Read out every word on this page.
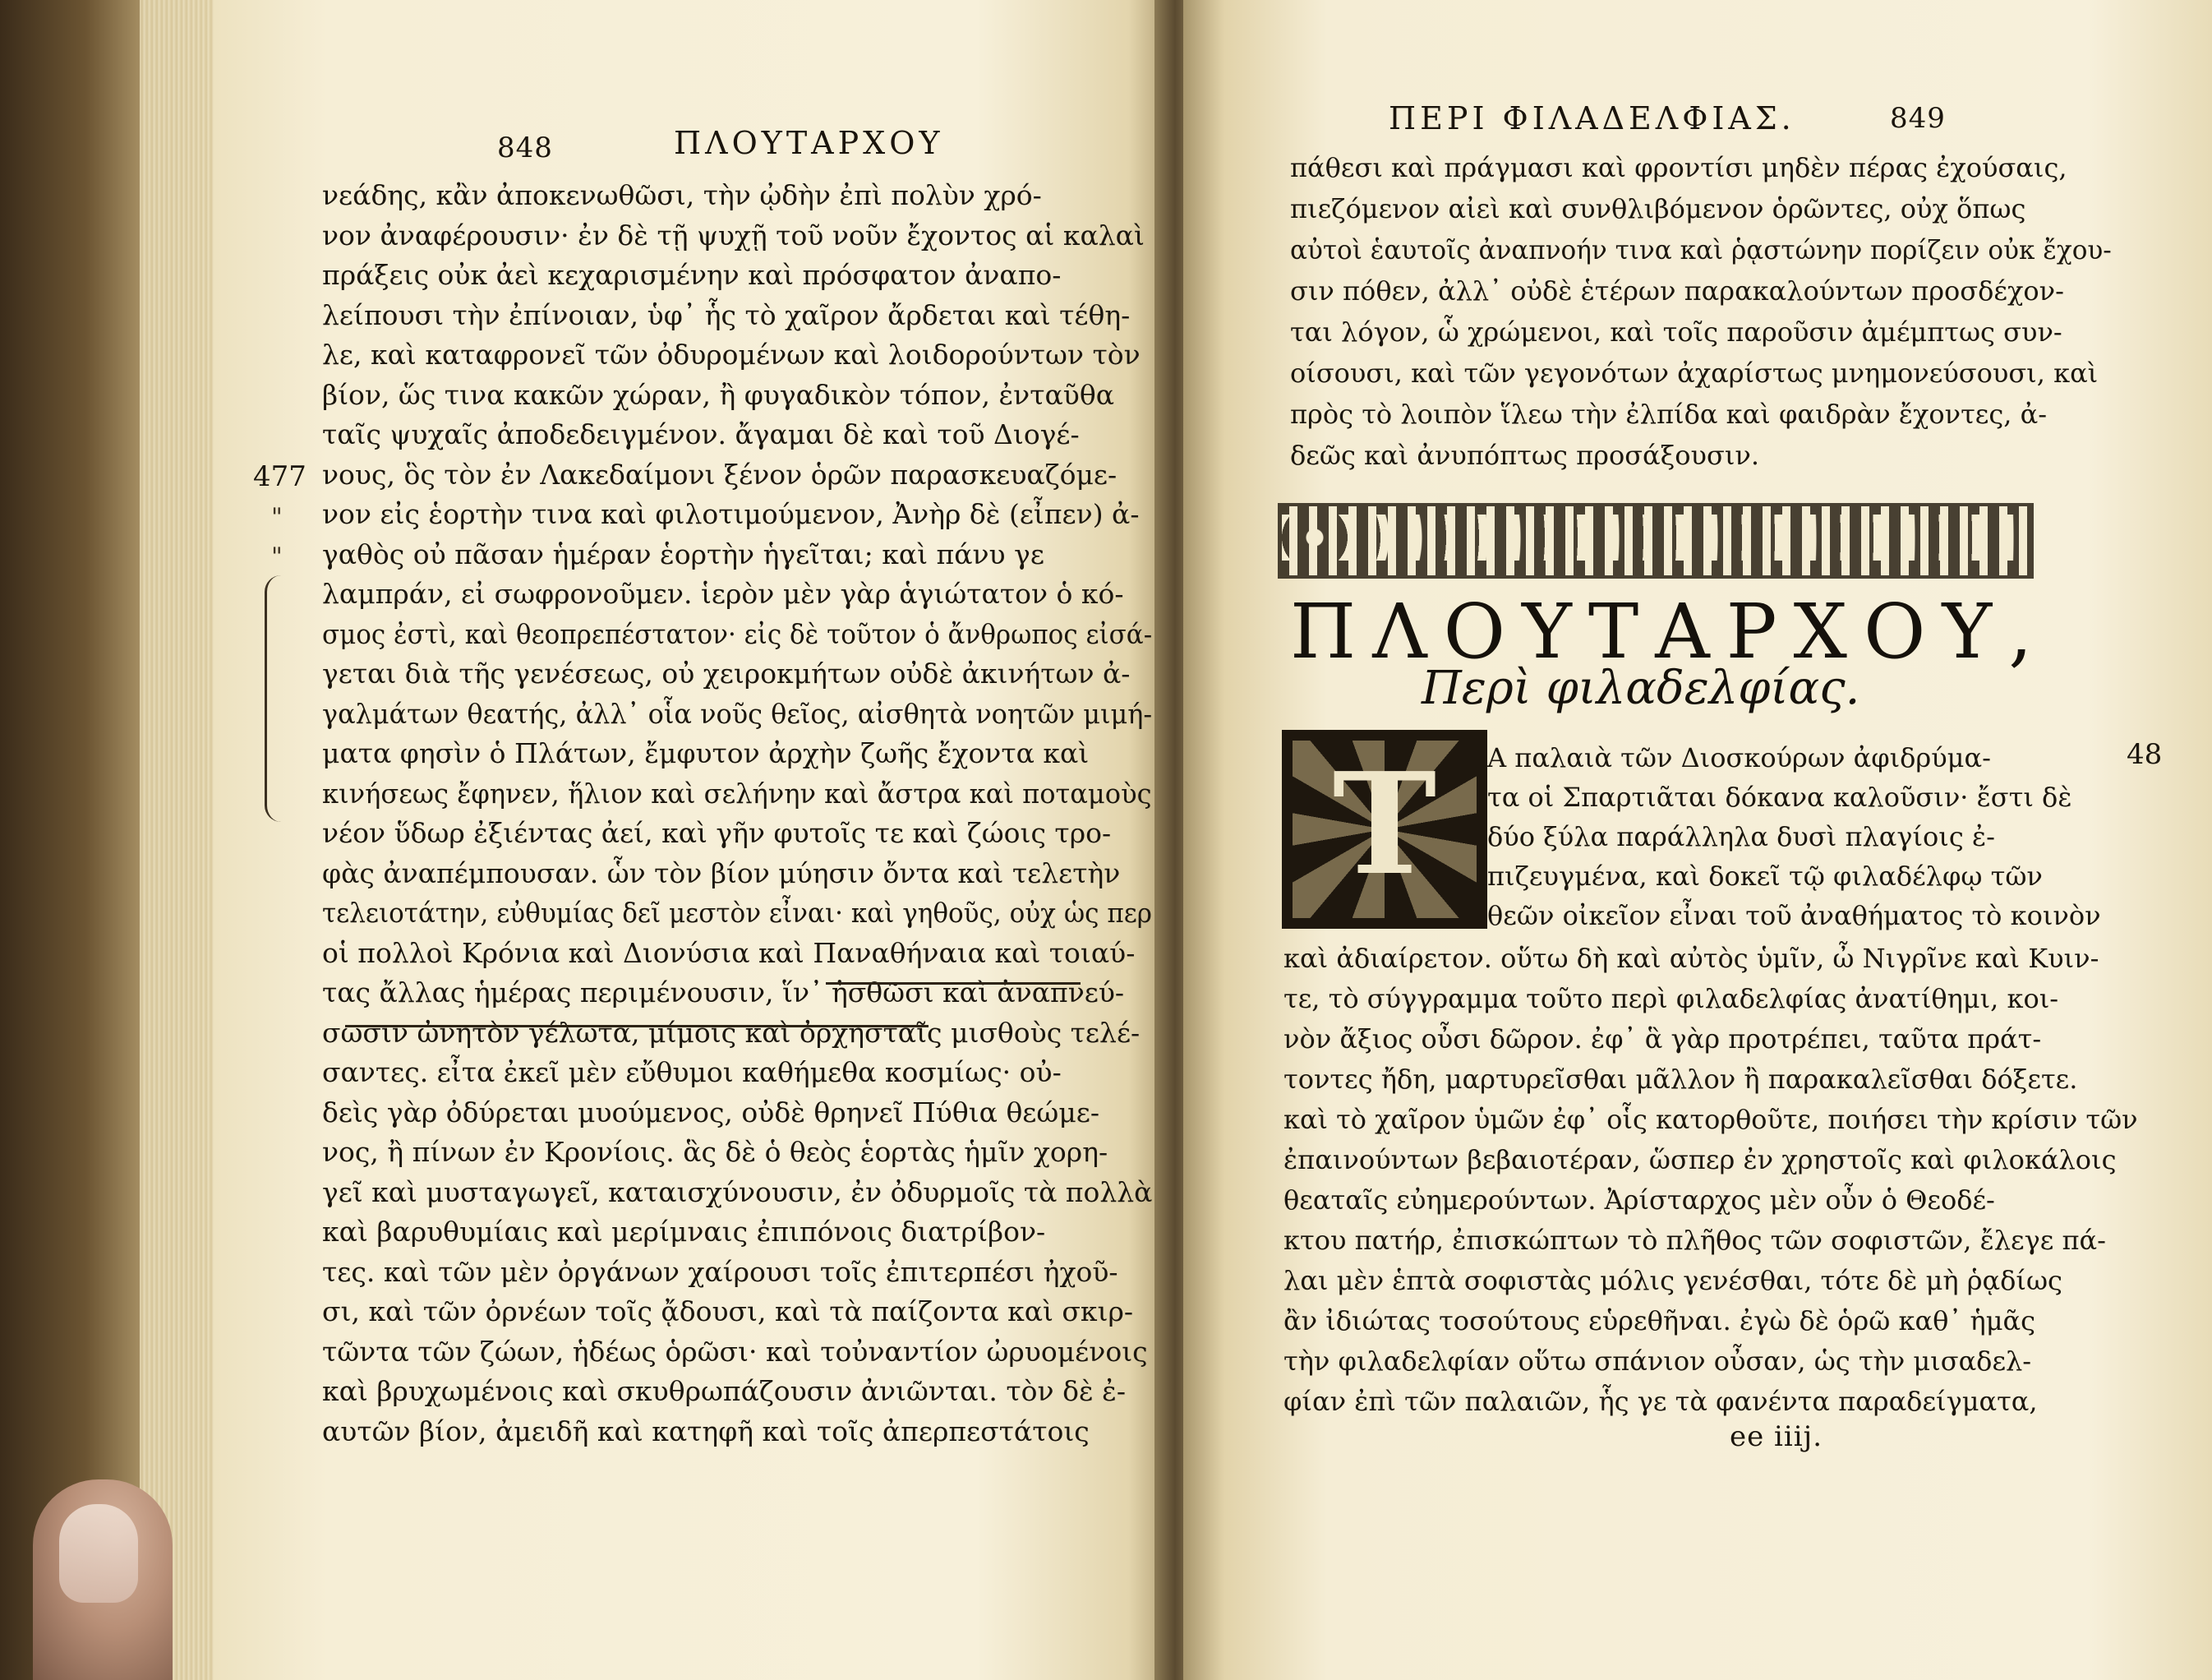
848	ΠΛΟΥΤΑΡΧΟΥ
477
"
"
νεάδης, κἂν ἀποκενωθῶσι, τὴν ᾠδὴν ἐπὶ πολὺν χρό-
νον ἀναφέρουσιν· ἐν δὲ τῇ ψυχῇ τοῦ νοῦν ἔχοντος αἱ καλαὶ
πράξεις οὐκ ἀεὶ κεχαρισμένην καὶ πρόσφατον ἀναπο-
λείπουσι τὴν ἐπίνοιαν, ὑφ᾽ ἧς τὸ χαῖρον ἄρδεται καὶ τέθη-
λε, καὶ καταφρονεῖ τῶν ὀδυρομένων καὶ λοιδορούντων τὸν
βίον, ὥς τινα κακῶν χώραν, ἢ φυγαδικὸν τόπον, ἐνταῦθα
ταῖς ψυχαῖς ἀποδεδειγμένον. ἄγαμαι δὲ καὶ τοῦ Διογέ-
νους, ὃς τὸν ἐν Λακεδαίμονι ξένον ὁρῶν παρασκευαζόμε-
νον εἰς ἑορτὴν τινα καὶ φιλοτιμούμενον, Ἀνὴρ δὲ (εἶπεν) ἀ-
γαθὸς οὐ πᾶσαν ἡμέραν ἑορτὴν ἡγεῖται; καὶ πάνυ γε
λαμπράν, εἰ σωφρονοῦμεν. ἱερὸν μὲν γὰρ ἁγιώτατον ὁ κό-
σμος ἐστὶ, καὶ θεοπρεπέστατον· εἰς δὲ τοῦτον ὁ ἄνθρωπος εἰσά-
γεται διὰ τῆς γενέσεως, οὐ χειροκμήτων οὐδὲ ἀκινήτων ἀ-
γαλμάτων θεατής, ἀλλ᾽ οἷα νοῦς θεῖος, αἰσθητὰ νοητῶν μιμή-
ματα φησὶν ὁ Πλάτων, ἔμφυτον ἀρχὴν ζωῆς ἔχοντα καὶ
κινήσεως ἔφηνεν, ἥλιον καὶ σελήνην καὶ ἄστρα καὶ ποταμοὺς
νέον ὕδωρ ἐξιέντας ἀεί, καὶ γῆν φυτοῖς τε καὶ ζώοις τρο-
φὰς ἀναπέμπουσαν. ὧν τὸν βίον μύησιν ὄντα καὶ τελετὴν
τελειοτάτην, εὐθυμίας δεῖ μεστὸν εἶναι· καὶ γηθοῦς, οὐχ ὡς περ
οἱ πολλοὶ Κρόνια καὶ Διονύσια καὶ Παναθήναια καὶ τοιαύ-
τας ἄλλας ἡμέρας περιμένουσιν, ἵν᾽ ἡσθῶσι καὶ ἀναπνεύ-
σωσιν ὠνητὸν γέλωτα, μίμοις καὶ ὀρχησταῖς μισθοὺς τελέ-
σαντες. εἶτα ἐκεῖ μὲν εὔθυμοι καθήμεθα κοσμίως· οὐ-
δεὶς γὰρ ὀδύρεται μυούμενος, οὐδὲ θρηνεῖ Πύθια θεώμε-
νος, ἢ πίνων ἐν Κρονίοις. ἃς δὲ ὁ θεὸς ἑορτὰς ἡμῖν χορη-
γεῖ καὶ μυσταγωγεῖ, καταισχύνουσιν, ἐν ὀδυρμοῖς τὰ πολλὰ
καὶ βαρυθυμίαις καὶ μερίμναις ἐπιπόνοις διατρίβον-
τες. καὶ τῶν μὲν ὀργάνων χαίρουσι τοῖς ἐπιτερπέσι ἠχοῦ-
σι, καὶ τῶν ὀρνέων τοῖς ᾄδουσι, καὶ τὰ παίζοντα καὶ σκιρ-
τῶντα τῶν ζώων, ἡδέως ὁρῶσι· καὶ τοὐναντίον ὠρυομένοις
καὶ βρυχωμένοις καὶ σκυθρωπάζουσιν ἀνιῶνται. τὸν δὲ ἐ-
αυτῶν βίον, ἀμειδῆ καὶ κατηφῆ καὶ τοῖς ἀπερπεστάτοις
ΠΕΡΙ ΦΙΛΑΔΕΛΦΙΑΣ.	849
48
πάθεσι καὶ πράγμασι καὶ φροντίσι μηδὲν πέρας ἐχούσαις,
πιεζόμενον αἰεὶ καὶ συνθλιβόμενον ὁρῶντες, οὐχ ὅπως
αὐτοὶ ἑαυτοῖς ἀναπνοήν τινα καὶ ῥᾳστώνην πορίζειν οὐκ ἔχου-
σιν πόθεν, ἀλλ᾽ οὐδὲ ἑτέρων παρακαλούντων προσδέχον-
ται λόγον, ὧ χρώμενοι, καὶ τοῖς παροῦσιν ἀμέμπτως συν-
οίσουσι, καὶ τῶν γεγονότων ἀχαρίστως μνημονεύσουσι, καὶ
πρὸς τὸ λοιπὸν ἵλεω τὴν ἐλπίδα καὶ φαιδρὰν ἔχοντες, ἀ-
δεῶς καὶ ἀνυπόπτως προσάξουσιν.
Α παλαιὰ τῶν Διοσκούρων ἀφιδρύμα-
τα οἱ Σπαρτιᾶται δόκανα καλοῦσιν· ἔστι δὲ
δύο ξύλα παράλληλα δυσὶ πλαγίοις ἐ-
πιζευγμένα, καὶ δοκεῖ τῷ φιλαδέλφῳ τῶν
θεῶν οἰκεῖον εἶναι τοῦ ἀναθήματος τὸ κοινὸν
καὶ ἀδιαίρετον. οὕτω δὴ καὶ αὐτὸς ὑμῖν, ὦ Νιγρῖνε καὶ Κυιν-
τε, τὸ σύγγραμμα τοῦτο περὶ φιλαδελφίας ἀνατίθημι, κοι-
νὸν ἄξιος οὖσι δῶρον. ἐφ᾽ ἃ γὰρ προτρέπει, ταῦτα πράτ-
τοντες ἤδη, μαρτυρεῖσθαι μᾶλλον ἢ παρακαλεῖσθαι δόξετε.
καὶ τὸ χαῖρον ὑμῶν ἐφ᾽ οἷς κατορθοῦτε, ποιήσει τὴν κρίσιν τῶν
ἐπαινούντων βεβαιοτέραν, ὥσπερ ἐν χρηστοῖς καὶ φιλοκάλοις
θεαταῖς εὐημερούντων. Ἀρίσταρχος μὲν οὖν ὁ Θεοδέ-
κτου πατήρ, ἐπισκώπτων τὸ πλῆθος τῶν σοφιστῶν, ἔλεγε πά-
λαι μὲν ἑπτὰ σοφιστὰς μόλις γενέσθαι, τότε δὲ μὴ ῥᾳδίως
ἂν ἰδιώτας τοσούτους εὑρεθῆναι. ἐγὼ δὲ ὁρῶ καθ᾽ ἡμᾶς
τὴν φιλαδελφίαν οὕτω σπάνιον οὖσαν, ὡς τὴν μισαδελ-
φίαν ἐπὶ τῶν παλαιῶν, ἧς γε τὰ φανέντα παραδείγματα,
ee iiij.
ΠΛΟΥΤΑΡΧΟΥ,
Περὶ φιλαδελφίας.
T
